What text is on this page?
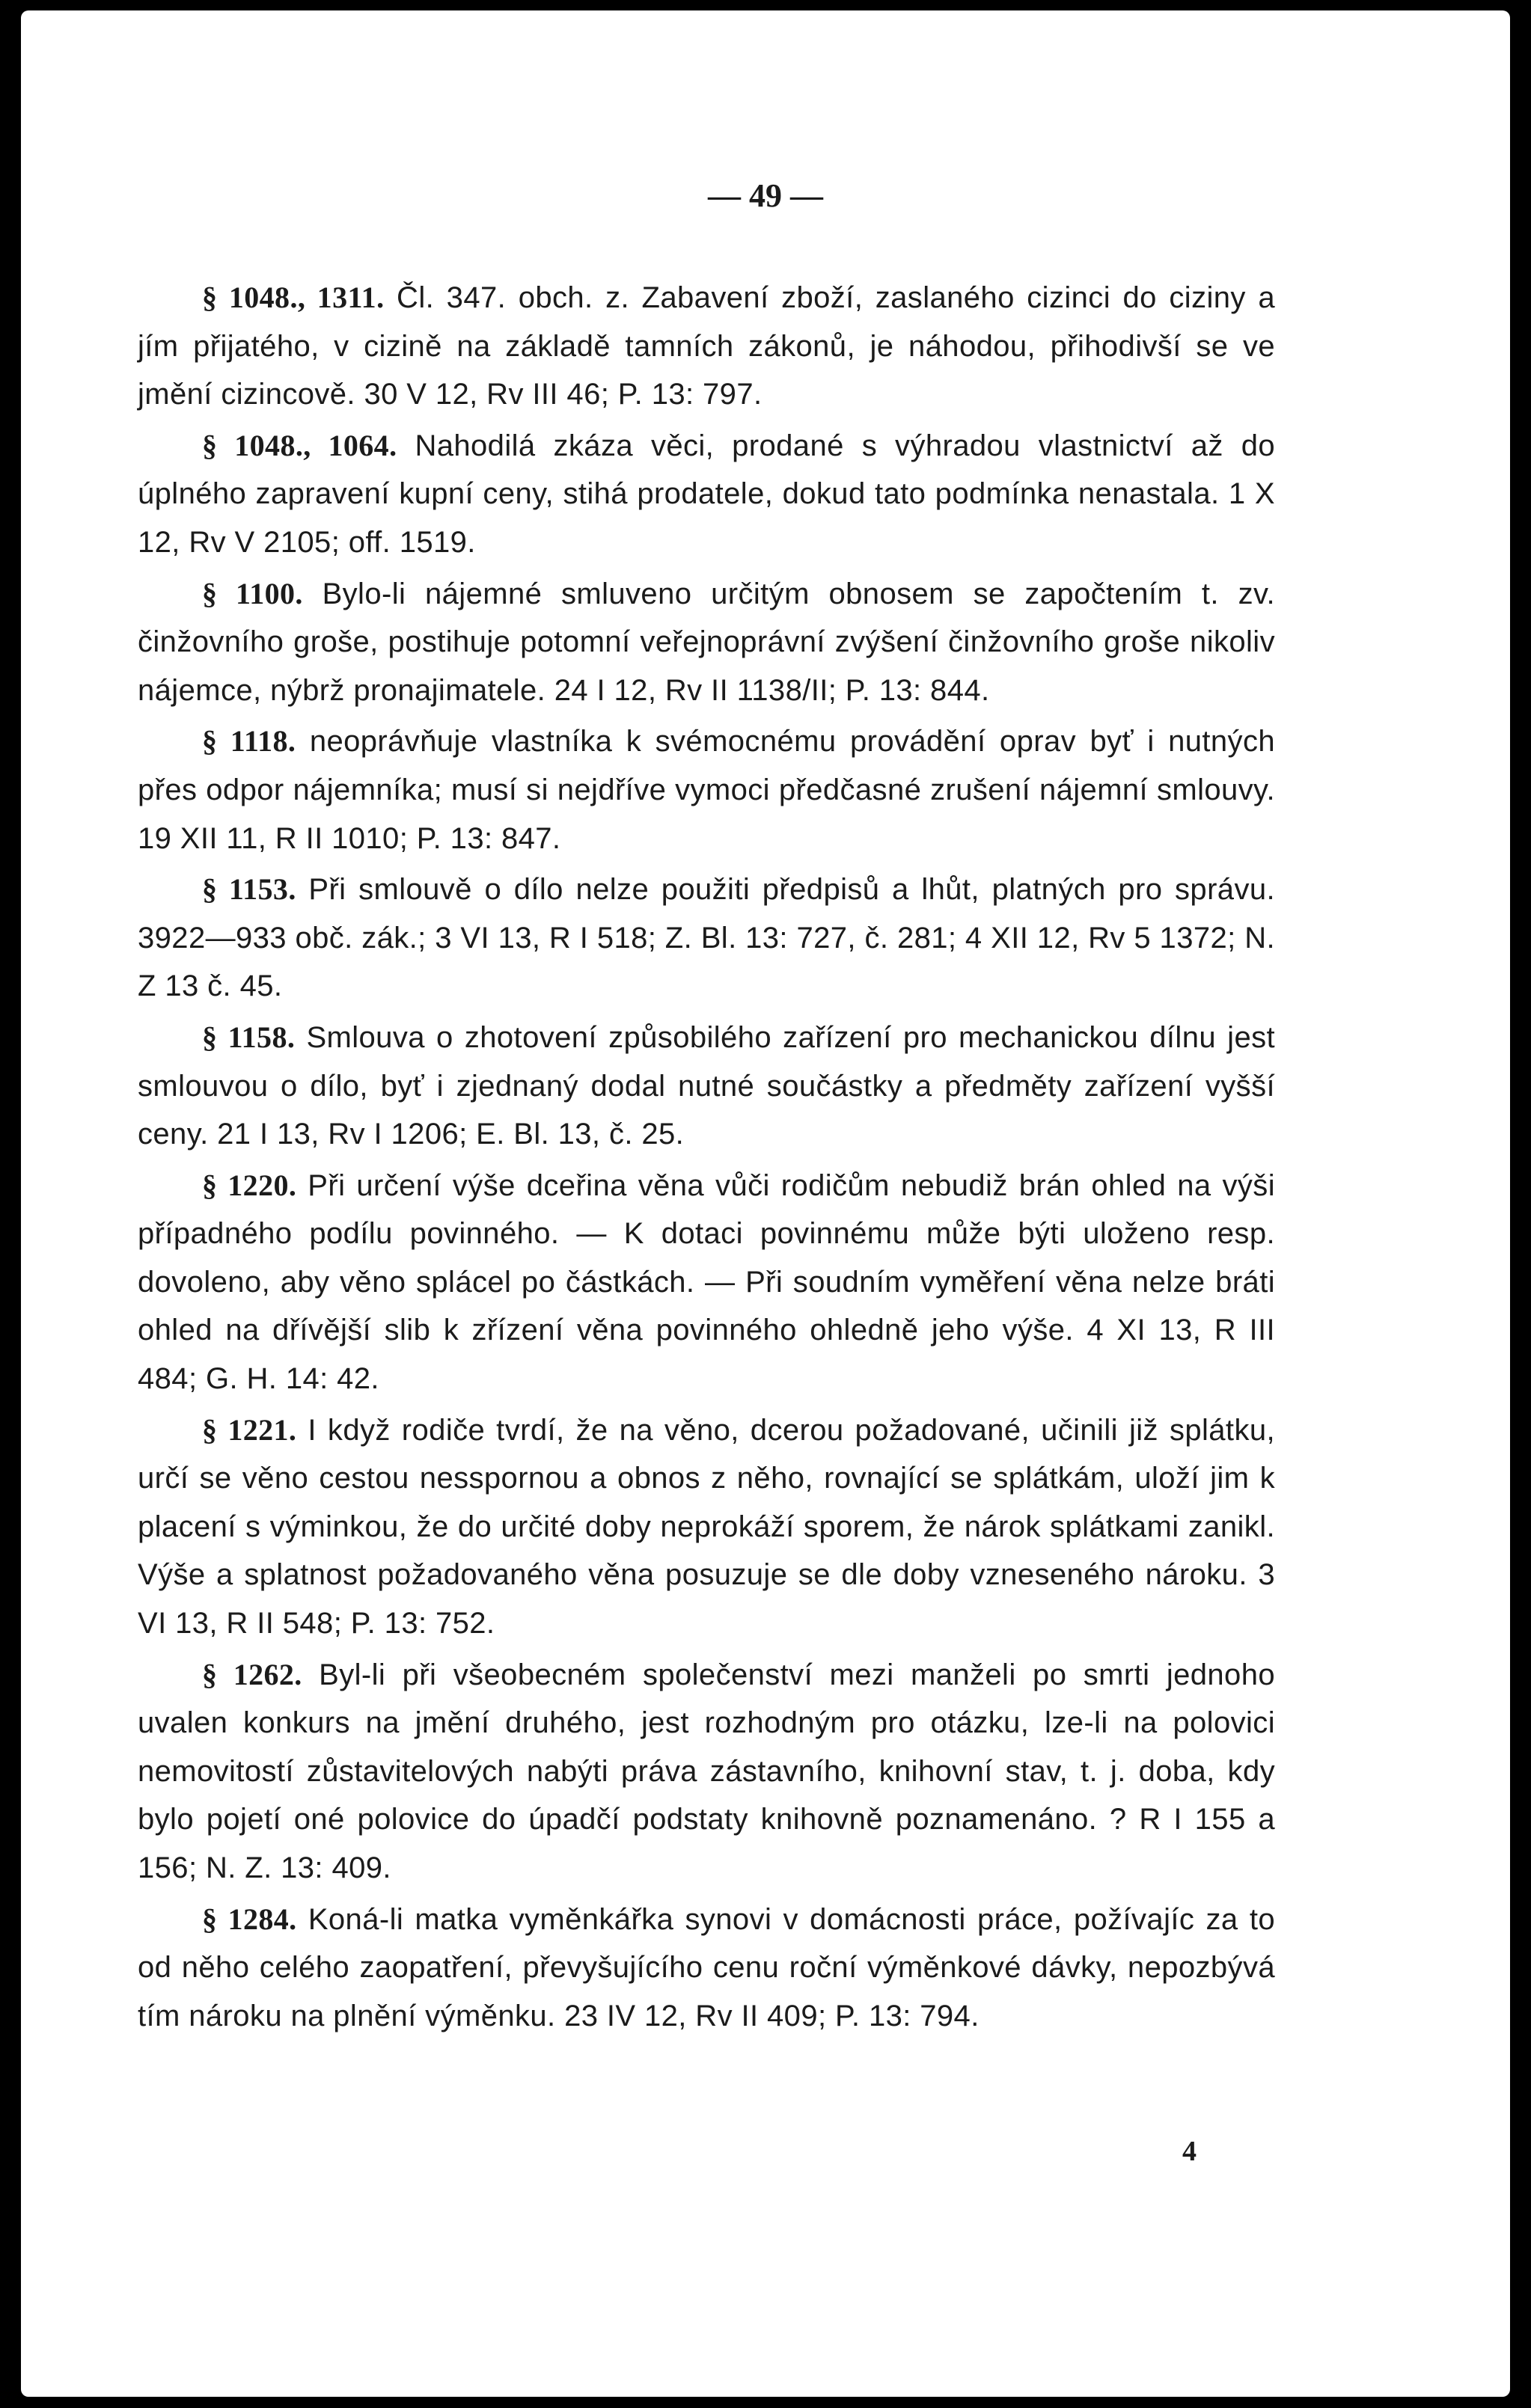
— 49 —

§ 1048., 1311. Čl. 347. obch. z. Zabavení zboží, zaslaného cizinci do ciziny a jím přijatého, v cizině na základě tamních zákonů, je náhodou, přihodivší se ve jmění cizincově. 30 V 12, Rv III 46; P. 13: 797.

§ 1048., 1064. Nahodilá zkáza věci, prodané s výhradou vlastnictví až do úplného zapravení kupní ceny, stihá prodatele, dokud tato podmínka nenastala. 1 X 12, Rv V 2105; off. 1519.

§ 1100. Bylo-li nájemné smluveno určitým obnosem se započtením t. zv. činžovního groše, postihuje potomní veřejnoprávní zvýšení činžovního groše nikoliv nájemce, nýbrž pronajimatele. 24 I 12, Rv II 1138/II; P. 13: 844.

§ 1118. neoprávňuje vlastníka k svémocnému provádění oprav byť i nutných přes odpor nájemníka; musí si nejdříve vymoci předčasné zrušení nájemní smlouvy. 19 XII 11, R II 1010; P. 13: 847.

§ 1153. Při smlouvě o dílo nelze použiti předpisů a lhůt, platných pro správu. 3922—933 obč. zák.; 3 VI 13, R I 518; Z. Bl. 13: 727, č. 281; 4 XII 12, Rv 5 1372; N. Z 13 č. 45.

§ 1158. Smlouva o zhotovení způsobilého zařízení pro mechanickou dílnu jest smlouvou o dílo, byť i zjednaný dodal nutné součástky a předměty zařízení vyšší ceny. 21 I 13, Rv I 1206; E. Bl. 13, č. 25.

§ 1220. Při určení výše dceřina věna vůči rodičům nebudiž brán ohled na výši případného podílu povinného. — K dotaci povinnému může býti uloženo resp. dovoleno, aby věno splácel po částkách. — Při soudním vyměření věna nelze bráti ohled na dřívější slib k zřízení věna povinného ohledně jeho výše. 4 XI 13, R III 484; G. H. 14: 42.

§ 1221. I když rodiče tvrdí, že na věno, dcerou požadované, učinili již splátku, určí se věno cestou nesspornou a obnos z něho, rovnající se splátkám, uloží jim k placení s výminkou, že do určité doby neprokáží sporem, že nárok splátkami zanikl. Výše a splatnost požadovaného věna posuzuje se dle doby vzneseného nároku. 3 VI 13, R II 548; P. 13: 752.

§ 1262. Byl-li při všeobecném společenství mezi manželi po smrti jednoho uvalen konkurs na jmění druhého, jest rozhodným pro otázku, lze-li na polovici nemovitostí zůstavitelových nabýti práva zástavního, knihovní stav, t. j. doba, kdy bylo pojetí oné polovice do úpadčí podstaty knihovně poznamenáno. ? R I 155 a 156; N. Z. 13: 409.

§ 1284. Koná-li matka vyměnkářka synovi v domácnosti práce, požívajíc za to od něho celého zaopatření, převyšujícího cenu roční výměnkové dávky, nepozbývá tím nároku na plnění výměnku. 23 IV 12, Rv II 409; P. 13: 794.

4
